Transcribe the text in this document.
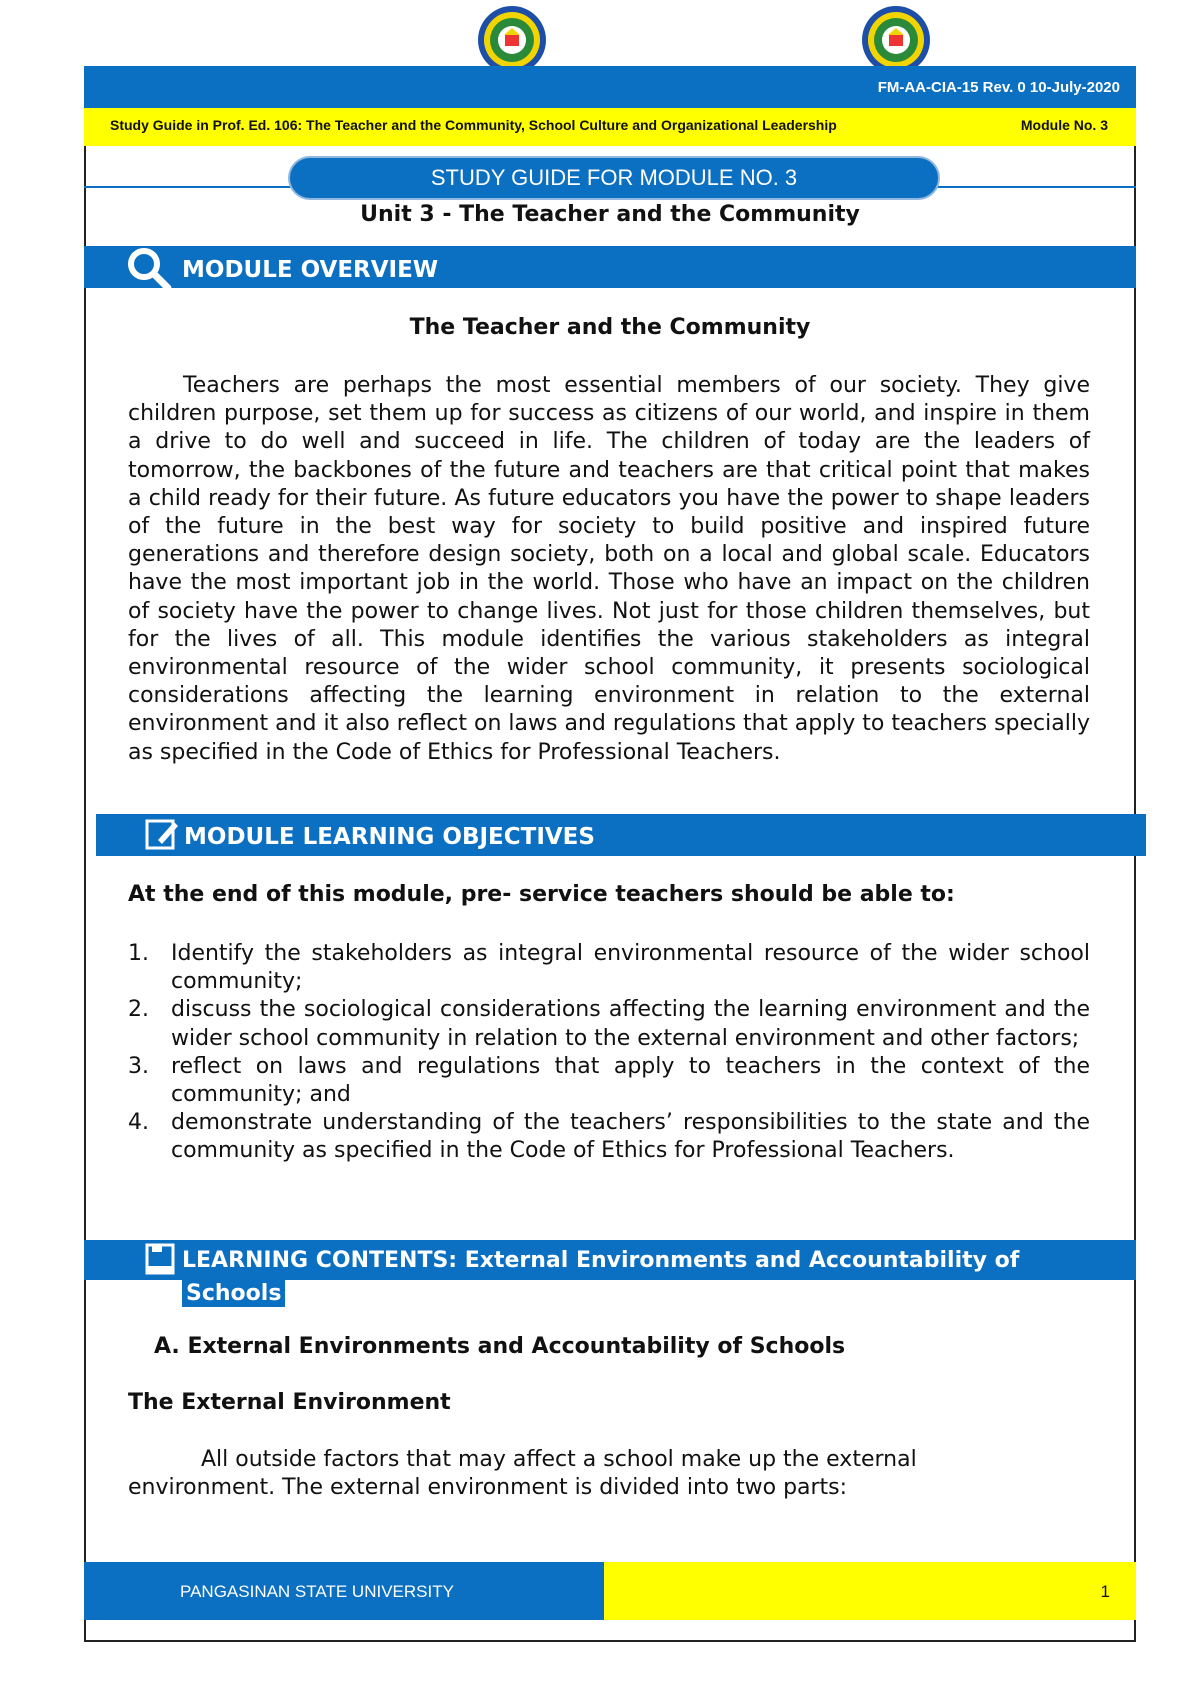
FM-AA-CIA-15 Rev. 0 10-July-2020
Study Guide in Prof. Ed. 106: The Teacher and the Community, School Culture and Organizational Leadership	Module No. 3
STUDY GUIDE FOR MODULE NO. 3
Unit 3 - The Teacher and the Community
MODULE OVERVIEW
The Teacher and the Community
Teachers are perhaps the most essential members of our society. They give children purpose, set them up for success as citizens of our world, and inspire in them a drive to do well and succeed in life. The children of today are the leaders of tomorrow, the backbones of the future and teachers are that critical point that makes a child ready for their future. As future educators you have the power to shape leaders of the future in the best way for society to build positive and inspired future generations and therefore design society, both on a local and global scale. Educators have the most important job in the world. Those who have an impact on the children of society have the power to change lives. Not just for those children themselves, but for the lives of all. This module identifies the various stakeholders as integral environmental resource of the wider school community, it presents sociological considerations affecting the learning environment in relation to the external environment and it also reflect on laws and regulations that apply to teachers specially as specified in the Code of Ethics for Professional Teachers.
MODULE LEARNING OBJECTIVES
At the end of this module, pre- service teachers should be able to:
1. Identify the stakeholders as integral environmental resource of the wider school community;
2. discuss the sociological considerations affecting the learning environment and the wider school community in relation to the external environment and other factors;
3. reflect on laws and regulations that apply to teachers in the context of the community; and
4. demonstrate understanding of the teachers’ responsibilities to the state and the community as specified in the Code of Ethics for Professional Teachers.
LEARNING CONTENTS: External Environments and Accountability of
Schools
A. External Environments and Accountability of Schools
The External Environment
All outside factors that may affect a school make up the external environment. The external environment is divided into two parts:
PANGASINAN STATE UNIVERSITY	1
